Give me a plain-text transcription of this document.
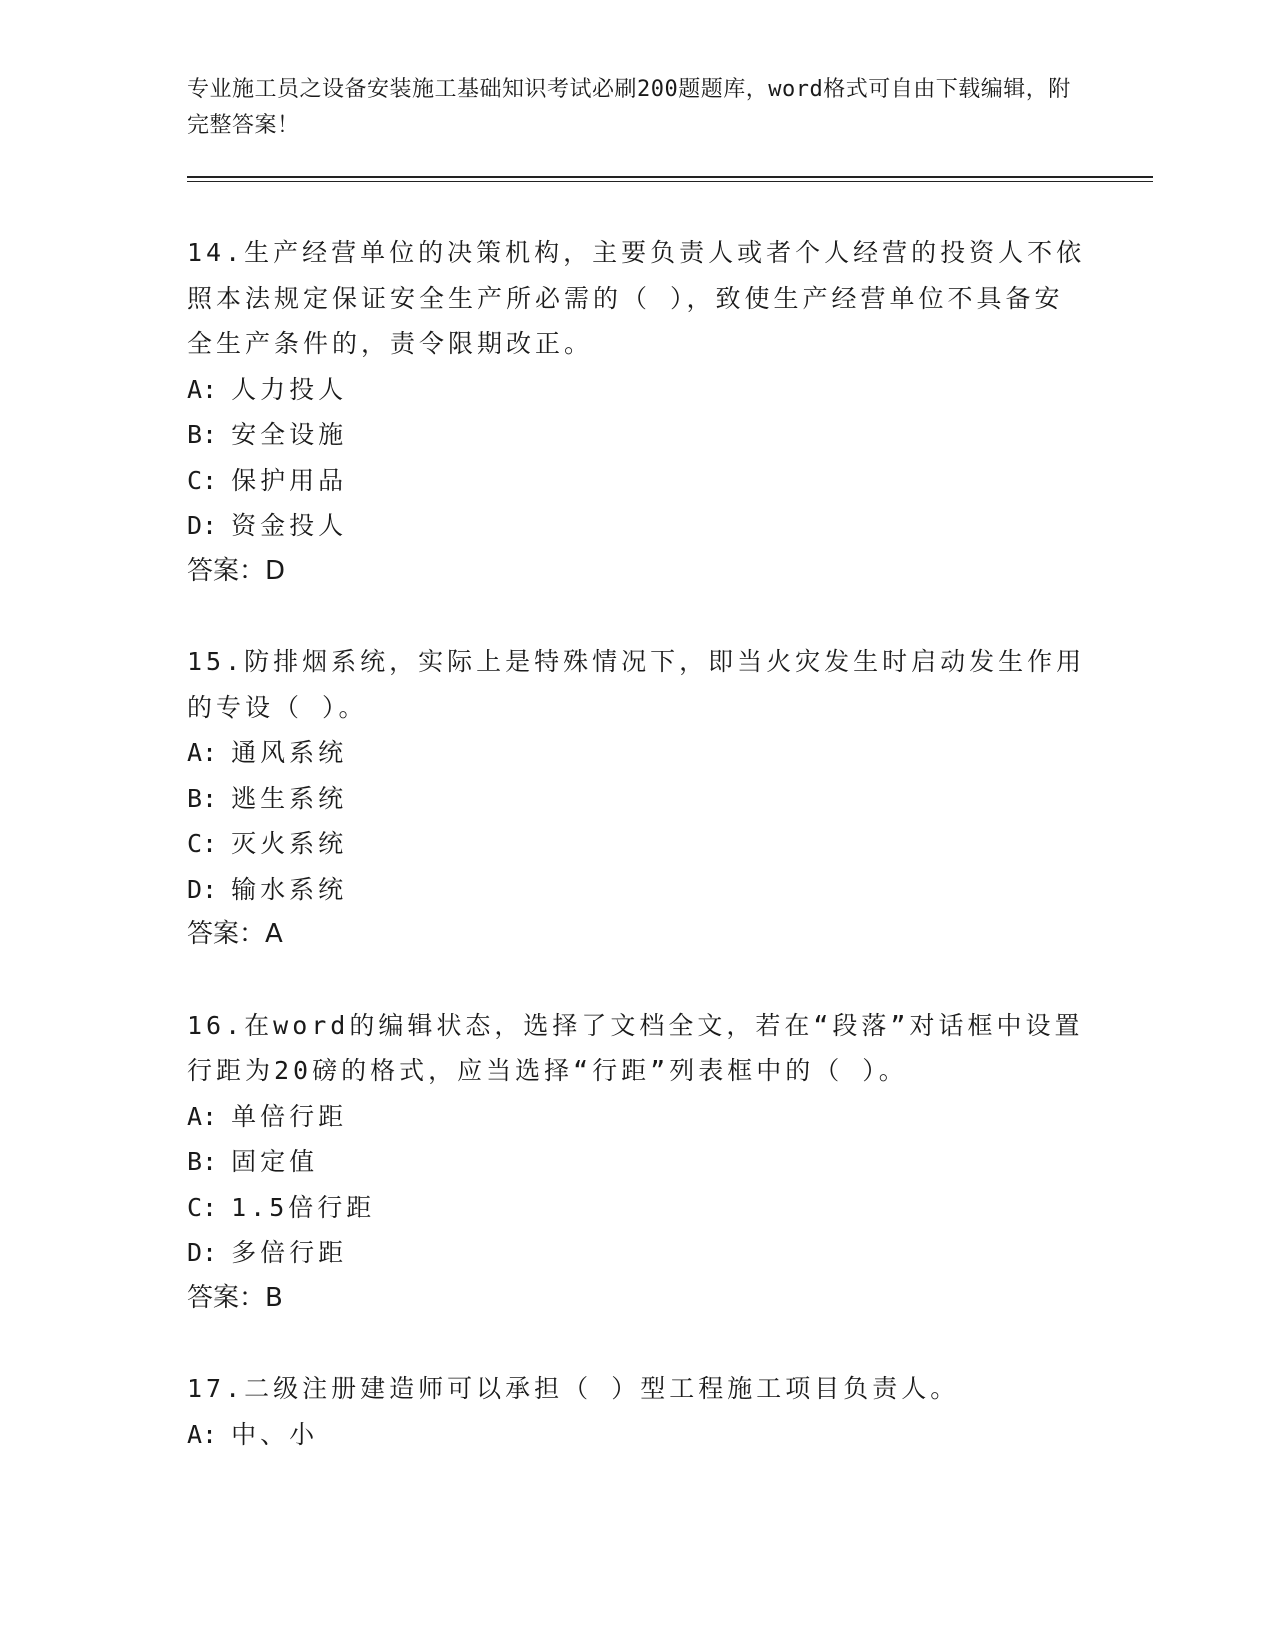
专业施工员之设备安装施工基础知识考试必刷200题题库，word格式可自由下载编辑，附完整答案！
14.生产经营单位的决策机构，主要负责人或者个人经营的投资人不依照本法规定保证安全生产所必需的（ ），致使生产经营单位不具备安全生产条件的，责令限期改正。
A: 人力投人
B: 安全设施
C: 保护用品
D: 资金投人
答案：D
15.防排烟系统，实际上是特殊情况下，即当火灾发生时启动发生作用的专设（ ）。
A: 通风系统
B: 逃生系统
C: 灭火系统
D: 输水系统
答案：A
16.在word的编辑状态，选择了文档全文，若在“段落”对话框中设置行距为20磅的格式，应当选择“行距”列表框中的（ ）。
A: 单倍行距
B: 固定值
C: 1.5倍行距
D: 多倍行距
答案：B
17.二级注册建造师可以承担（ ）型工程施工项目负责人。
A: 中、小
